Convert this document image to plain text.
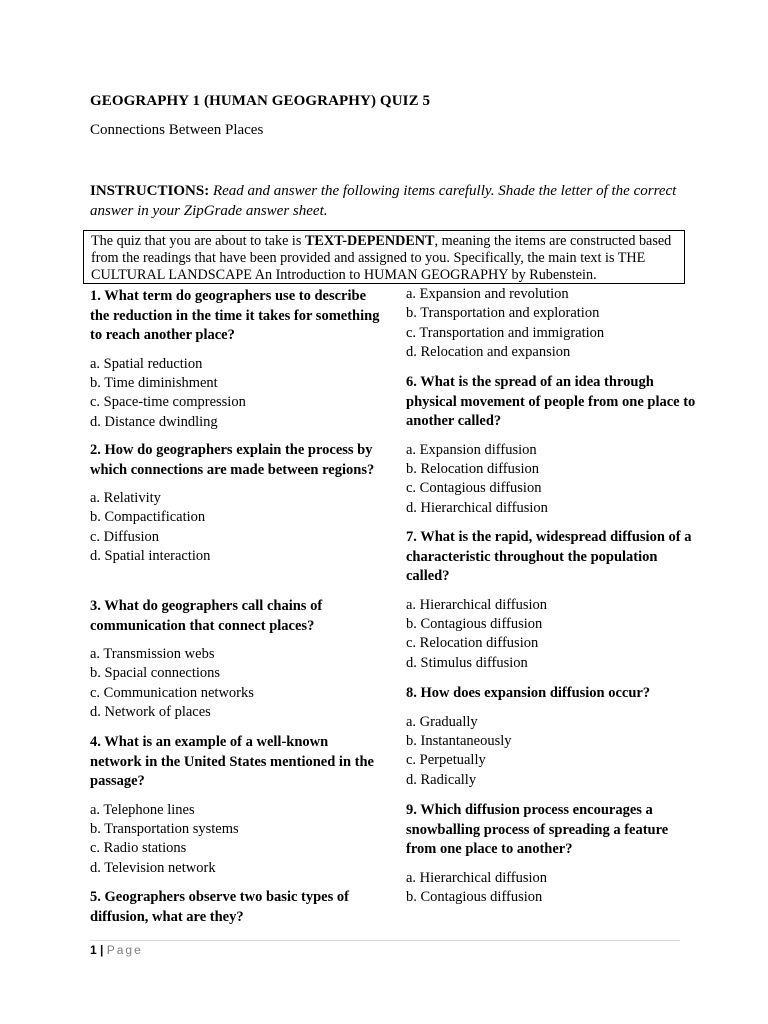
GEOGRAPHY 1 (HUMAN GEOGRAPHY) QUIZ 5
Connections Between Places
INSTRUCTIONS: Read and answer the following items carefully. Shade the letter of the correct answer in your ZipGrade answer sheet.
The quiz that you are about to take is TEXT-DEPENDENT, meaning the items are constructed based from the readings that have been provided and assigned to you. Specifically, the main text is THE CULTURAL LANDSCAPE An Introduction to HUMAN GEOGRAPHY by Rubenstein.

1. What term do geographers use to describe the reduction in the time it takes for something to reach another place?

a. Spatial reduction
b. Time diminishment
c. Space-time compression
d. Distance dwindling

2. How do geographers explain the process by which connections are made between regions?

a. Relativity
b. Compactification
c. Diffusion
d. Spatial interaction

3. What do geographers call chains of communication that connect places?

a. Transmission webs
b. Spacial connections
c. Communication networks
d. Network of places

4. What is an example of a well-known network in the United States mentioned in the passage?

a. Telephone lines
b. Transportation systems
c. Radio stations
d. Television network

5. Geographers observe two basic types of diffusion, what are they?

a. Expansion and revolution
b. Transportation and exploration
c. Transportation and immigration
d. Relocation and expansion

6. What is the spread of an idea through physical movement of people from one place to another called?

a. Expansion diffusion
b. Relocation diffusion
c. Contagious diffusion
d. Hierarchical diffusion

7. What is the rapid, widespread diffusion of a characteristic throughout the population called?

a. Hierarchical diffusion
b. Contagious diffusion
c. Relocation diffusion
d. Stimulus diffusion

8. How does expansion diffusion occur?

a. Gradually
b. Instantaneously
c. Perpetually
d. Radically

9. Which diffusion process encourages a snowballing process of spreading a feature from one place to another?

a. Hierarchical diffusion
b. Contagious diffusion
1 | Page
